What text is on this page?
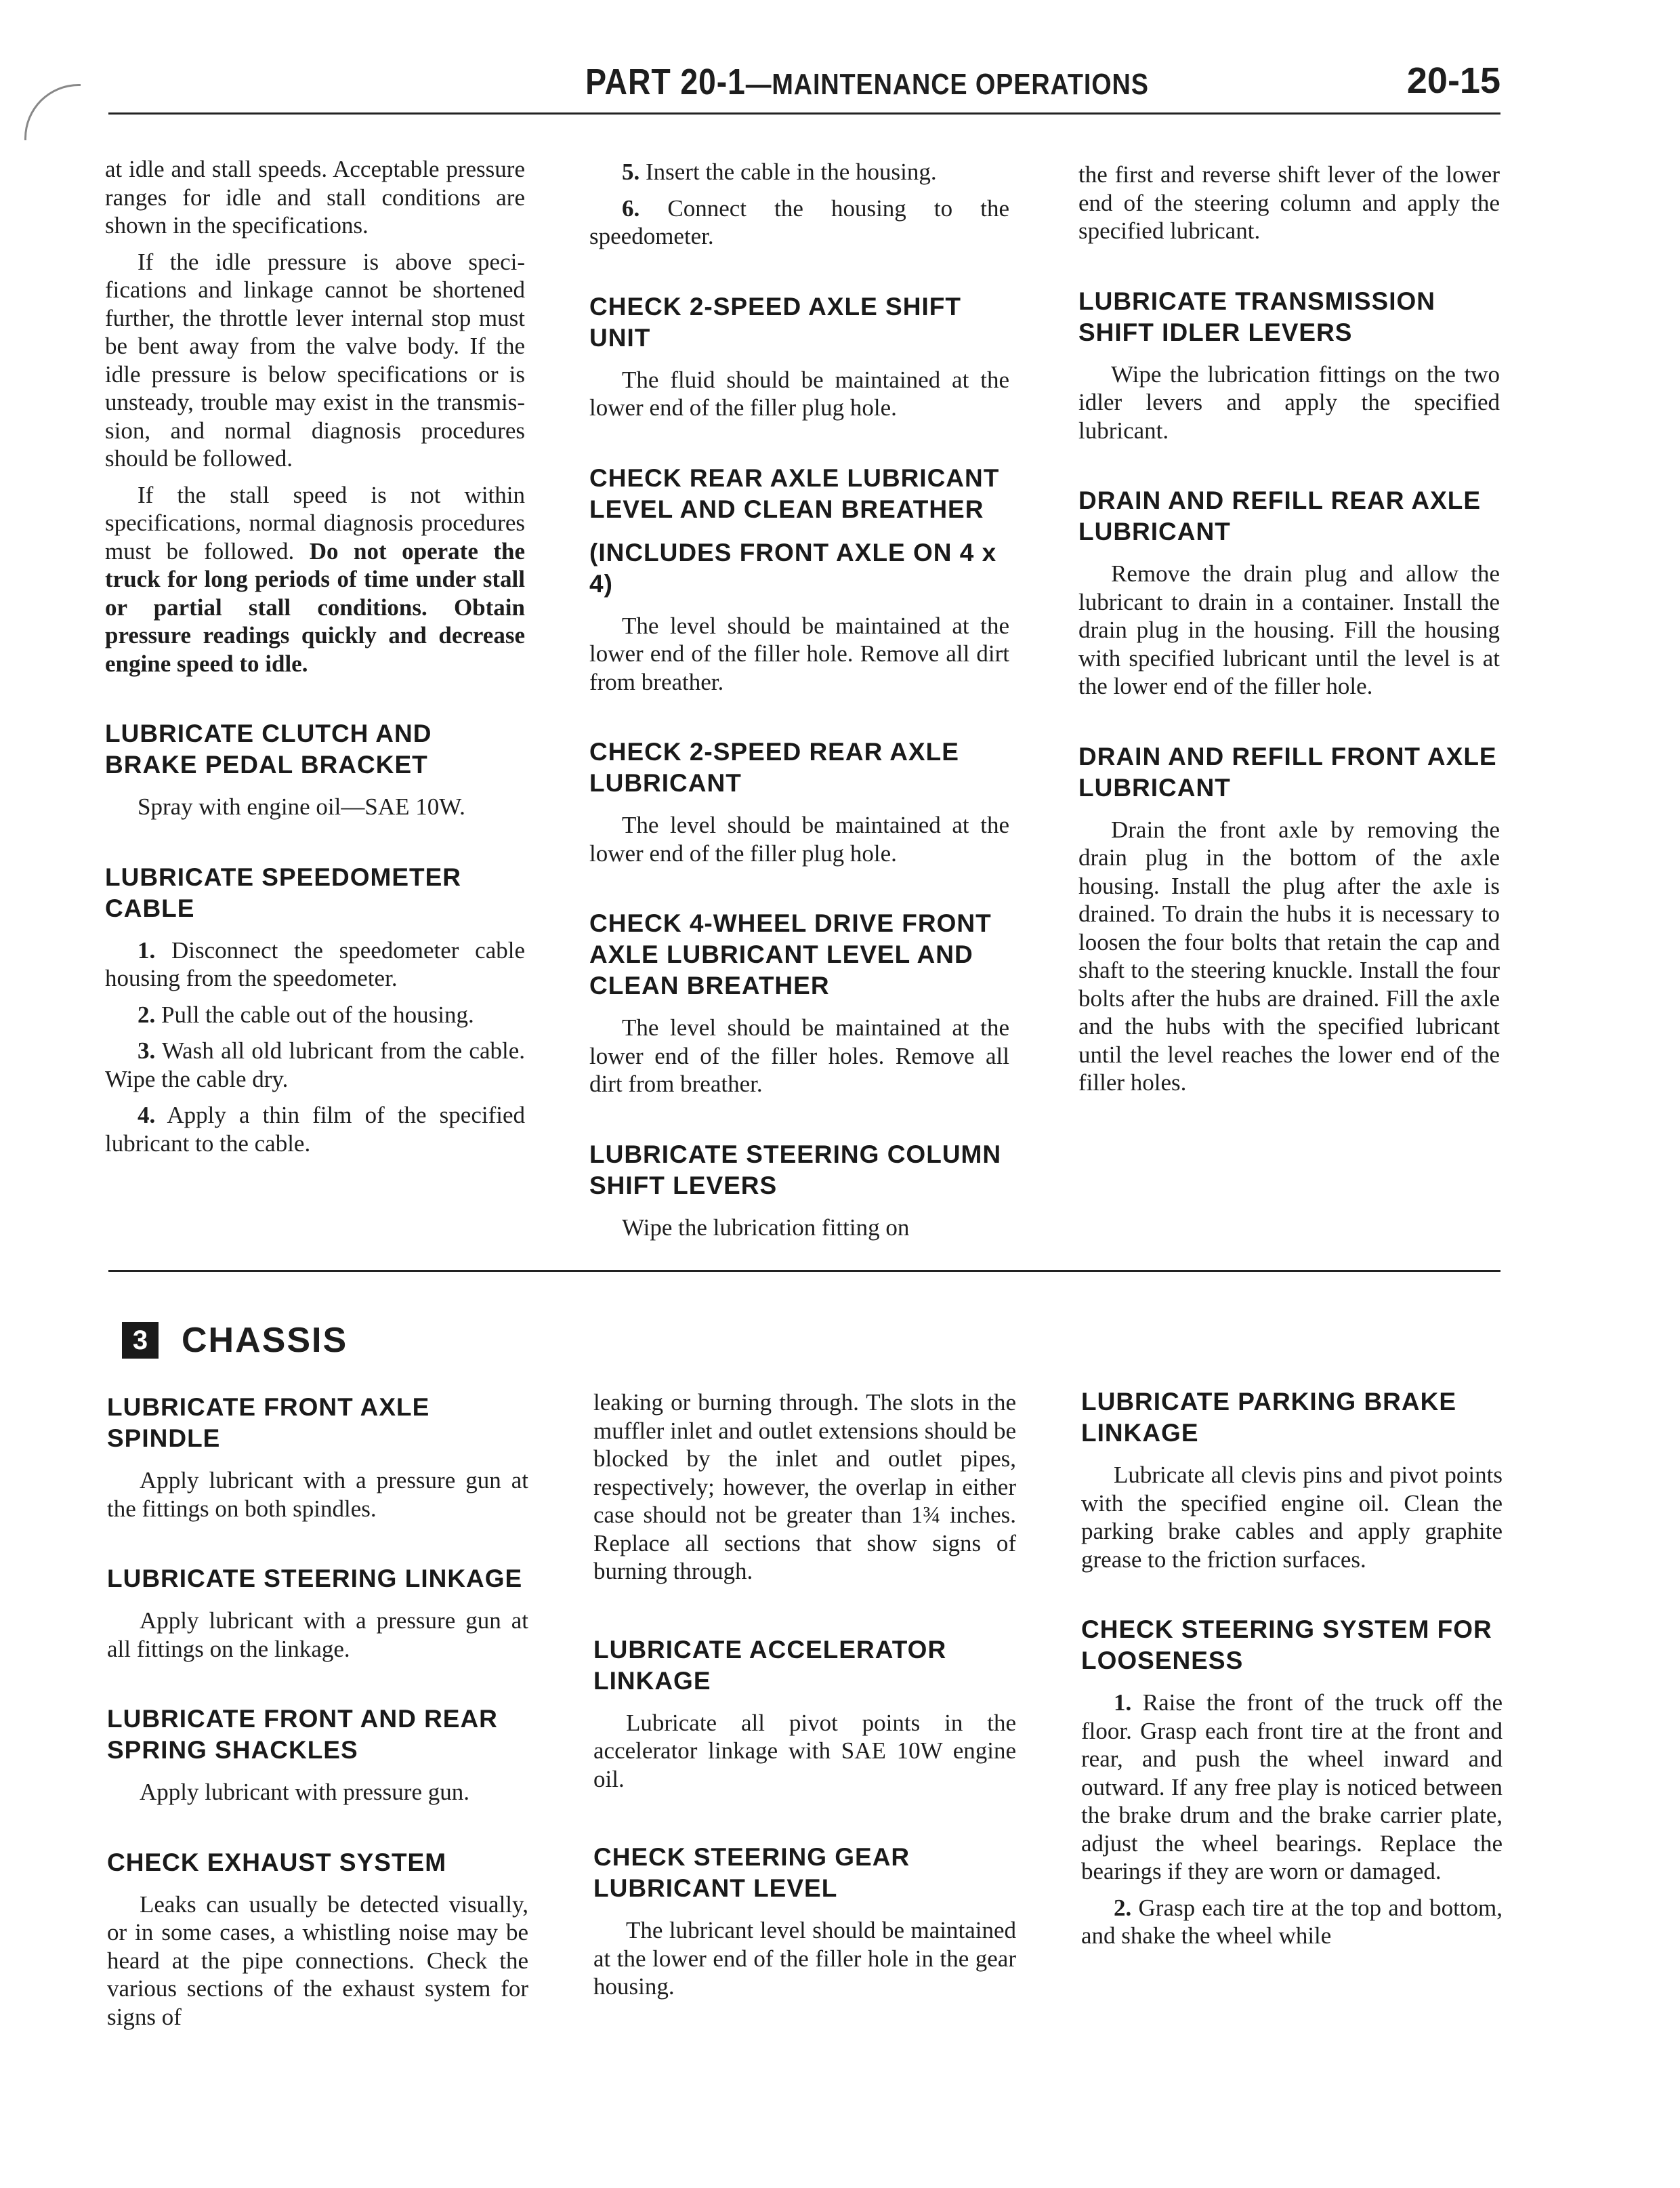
PART 20-1—MAINTENANCE OPERATIONS	20-15

at idle and stall speeds. Acceptable pressure ranges for idle and stall conditions are shown in the specifications.

If the idle pressure is above specifications and linkage cannot be shortened further, the throttle lever internal stop must be bent away from the valve body. If the idle pressure is below specifications or is unsteady, trouble may exist in the transmission, and normal diagnosis procedures should be followed.

If the stall speed is not within specifications, normal diagnosis procedures must be followed. Do not operate the truck for long periods of time under stall or partial stall conditions. Obtain pressure readings quickly and decrease engine speed to idle.

LUBRICATE CLUTCH AND BRAKE PEDAL BRACKET

Spray with engine oil—SAE 10W.

LUBRICATE SPEEDOMETER CABLE

1. Disconnect the speedometer cable housing from the speedometer.

2. Pull the cable out of the housing.

3. Wash all old lubricant from the cable. Wipe the cable dry.

4. Apply a thin film of the specified lubricant to the cable.

5. Insert the cable in the housing.

6. Connect the housing to the speedometer.

CHECK 2-SPEED AXLE SHIFT UNIT

The fluid should be maintained at the lower end of the filler plug hole.

CHECK REAR AXLE LUBRICANT LEVEL AND CLEAN BREATHER
(INCLUDES FRONT AXLE ON 4 x 4)

The level should be maintained at the lower end of the filler hole. Remove all dirt from breather.

CHECK 2-SPEED REAR AXLE LUBRICANT

The level should be maintained at the lower end of the filler plug hole.

CHECK 4-WHEEL DRIVE FRONT AXLE LUBRICANT LEVEL AND CLEAN BREATHER

The level should be maintained at the lower end of the filler holes. Remove all dirt from breather.

LUBRICATE STEERING COLUMN SHIFT LEVERS

Wipe the lubrication fitting on

the first and reverse shift lever of the lower end of the steering column and apply the specified lubricant.

LUBRICATE TRANSMISSION SHIFT IDLER LEVERS

Wipe the lubrication fittings on the two idler levers and apply the specified lubricant.

DRAIN AND REFILL REAR AXLE LUBRICANT

Remove the drain plug and allow the lubricant to drain in a container. Install the drain plug in the housing. Fill the housing with specified lubricant until the level is at the lower end of the filler hole.

DRAIN AND REFILL FRONT AXLE LUBRICANT

Drain the front axle by removing the drain plug in the bottom of the axle housing. Install the plug after the axle is drained. To drain the hubs it is necessary to loosen the four bolts that retain the cap and shaft to the steering knuckle. Install the four bolts after the hubs are drained. Fill the axle and the hubs with the specified lubricant until the level reaches the lower end of the filler holes.

3 CHASSIS
LUBRICATE FRONT AXLE SPINDLE

Apply lubricant with a pressure gun at the fittings on both spindles.

LUBRICATE STEERING LINKAGE

Apply lubricant with a pressure gun at all fittings on the linkage.

LUBRICATE FRONT AND REAR SPRING SHACKLES

Apply lubricant with pressure gun.

CHECK EXHAUST SYSTEM

Leaks can usually be detected visually, or in some cases, a whistling noise may be heard at the pipe connections. Check the various sections of the exhaust system for signs of

leaking or burning through. The slots in the muffler inlet and outlet extensions should be blocked by the inlet and outlet pipes, respectively; however, the overlap in either case should not be greater than 1¾ inches. Replace all sections that show signs of burning through.

LUBRICATE ACCELERATOR LINKAGE

Lubricate all pivot points in the accelerator linkage with SAE 10W engine oil.

CHECK STEERING GEAR LUBRICANT LEVEL

The lubricant level should be maintained at the lower end of the filler hole in the gear housing.

LUBRICATE PARKING BRAKE LINKAGE

Lubricate all clevis pins and pivot points with the specified engine oil. Clean the parking brake cables and apply graphite grease to the friction surfaces.

CHECK STEERING SYSTEM FOR LOOSENESS

1. Raise the front of the truck off the floor. Grasp each front tire at the front and rear, and push the wheel inward and outward. If any free play is noticed between the brake drum and the brake carrier plate, adjust the wheel bearings. Replace the bearings if they are worn or damaged.

2. Grasp each tire at the top and bottom, and shake the wheel while
